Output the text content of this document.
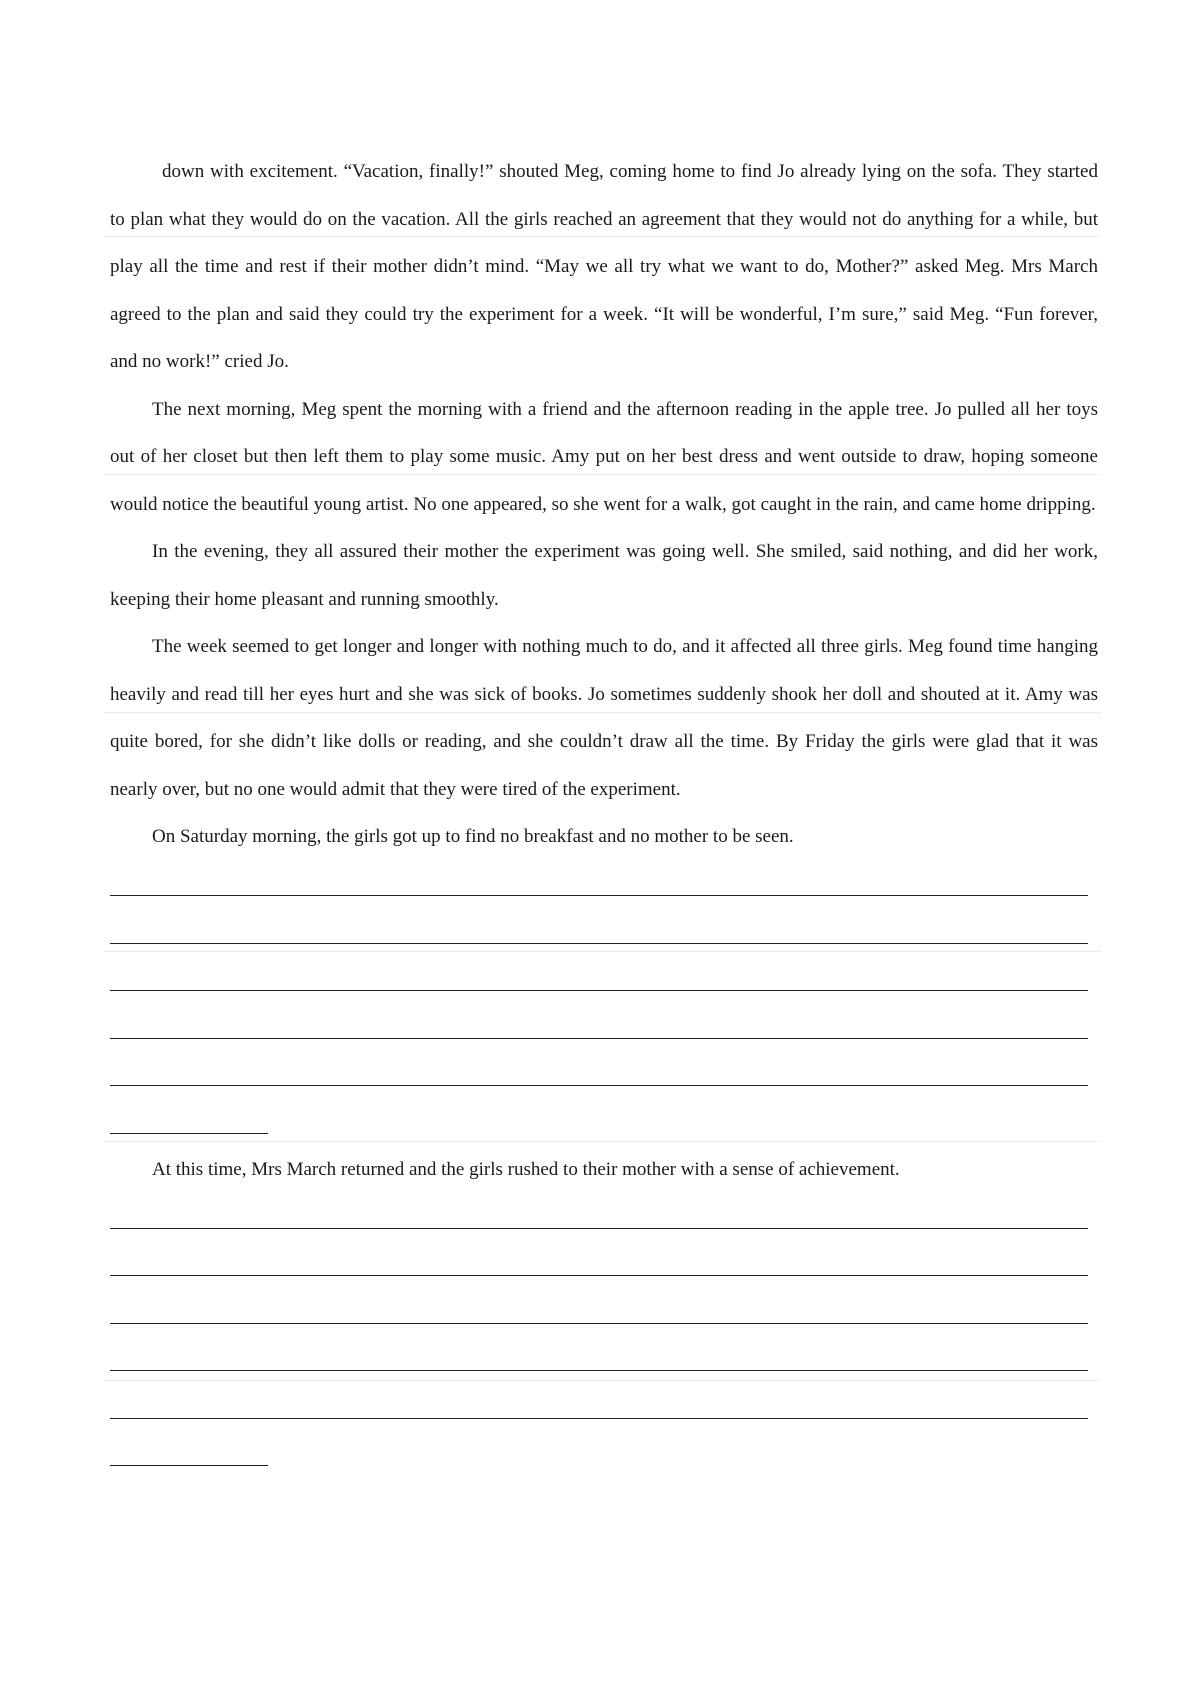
down with excitement. “Vacation, finally!” shouted Meg, coming home to find Jo already lying on the sofa. They started to plan what they would do on the vacation. All the girls reached an agreement that they would not do anything for a while, but play all the time and rest if their mother didn’t mind. “May we all try what we want to do, Mother?” asked Meg. Mrs March agreed to the plan and said they could try the experiment for a week. “It will be wonderful, I’m sure,” said Meg. “Fun forever, and no work!” cried Jo.

The next morning, Meg spent the morning with a friend and the afternoon reading in the apple tree. Jo pulled all her toys out of her closet but then left them to play some music. Amy put on her best dress and went outside to draw, hoping someone would notice the beautiful young artist. No one appeared, so she went for a walk, got caught in the rain, and came home dripping.

In the evening, they all assured their mother the experiment was going well. She smiled, said nothing, and did her work, keeping their home pleasant and running smoothly.

The week seemed to get longer and longer with nothing much to do, and it affected all three girls. Meg found time hanging heavily and read till her eyes hurt and she was sick of books. Jo sometimes suddenly shook her doll and shouted at it. Amy was quite bored, for she didn’t like dolls or reading, and she couldn’t draw all the time. By Friday the girls were glad that it was nearly over, but no one would admit that they were tired of the experiment.

On Saturday morning, the girls got up to find no breakfast and no mother to be seen.

At this time, Mrs March returned and the girls rushed to their mother with a sense of achievement.
